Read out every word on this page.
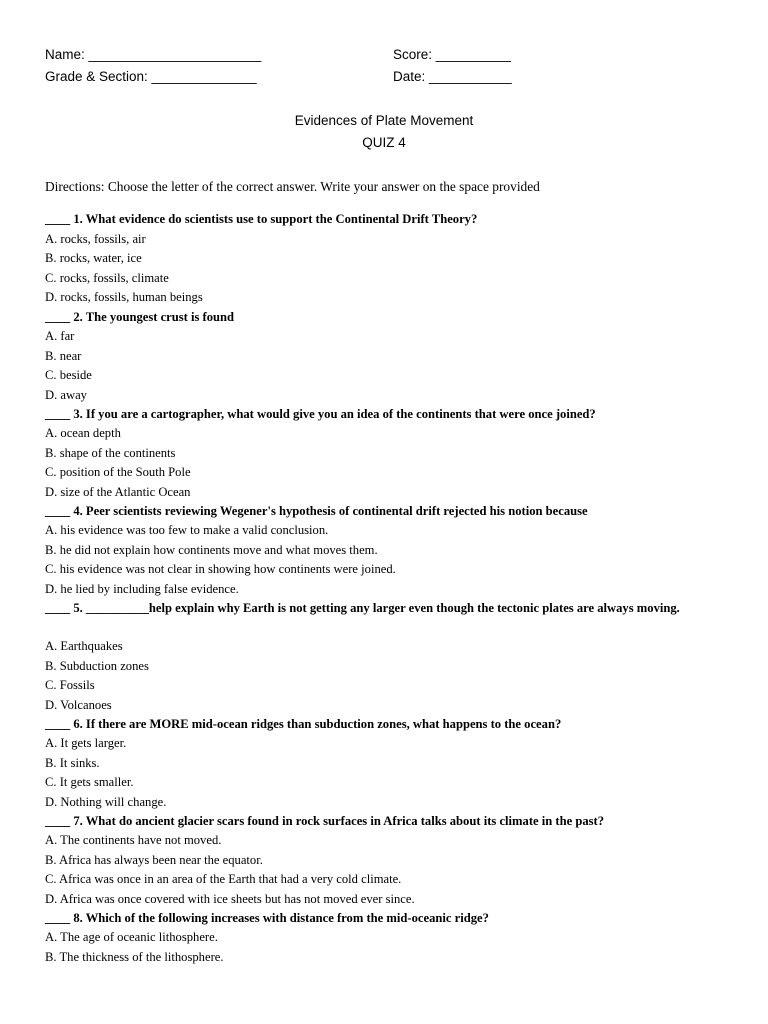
Name: _______________________	Score: __________
Grade & Section: ______________	Date: ___________
Evidences of Plate Movement
QUIZ 4
Directions: Choose the letter of the correct answer. Write your answer on the space provided
____ 1. What evidence do scientists use to support the Continental Drift Theory?
A. rocks, fossils, air
B. rocks, water, ice
C. rocks, fossils, climate
D. rocks, fossils, human beings
____ 2. The youngest crust is found
A. far
B. near
C. beside
D. away
____ 3. If you are a cartographer, what would give you an idea of the continents that were once joined?
A. ocean depth
B. shape of the continents
C. position of the South Pole
D. size of the Atlantic Ocean
____ 4. Peer scientists reviewing Wegener's hypothesis of continental drift rejected his notion because
A. his evidence was too few to make a valid conclusion.
B. he did not explain how continents move and what moves them.
C. his evidence was not clear in showing how continents were joined.
D. he lied by including false evidence.
____ 5. __________help explain why Earth is not getting any larger even though the tectonic plates are always moving.
A. Earthquakes
B. Subduction zones
C. Fossils
D. Volcanoes
____ 6. If there are MORE mid-ocean ridges than subduction zones, what happens to the ocean?
A. It gets larger.
B. It sinks.
C. It gets smaller.
D. Nothing will change.
____ 7. What do ancient glacier scars found in rock surfaces in Africa talks about its climate in the past?
A. The continents have not moved.
B. Africa has always been near the equator.
C. Africa was once in an area of the Earth that had a very cold climate.
D. Africa was once covered with ice sheets but has not moved ever since.
____ 8. Which of the following increases with distance from the mid-oceanic ridge?
A. The age of oceanic lithosphere.
B. The thickness of the lithosphere.
